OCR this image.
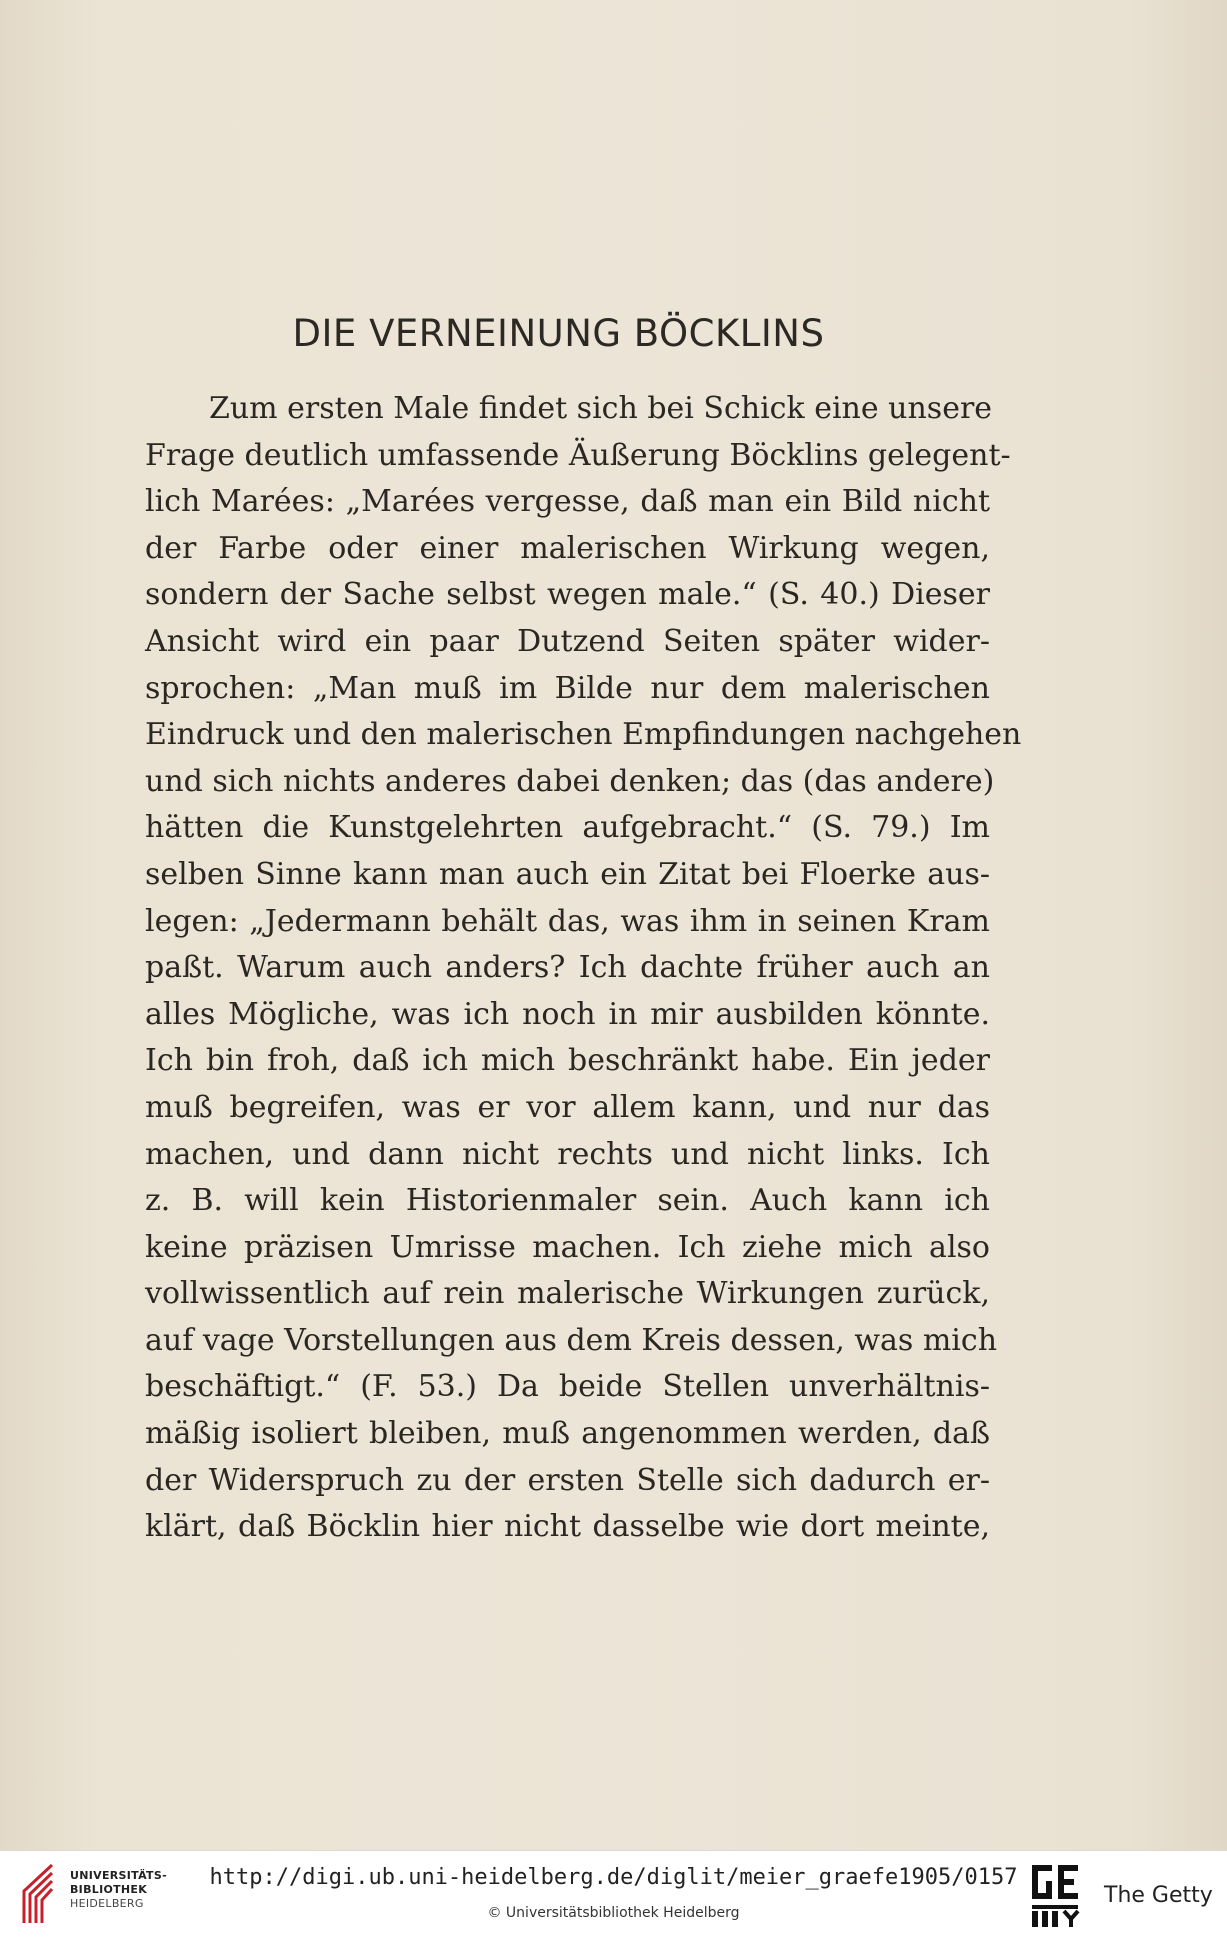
DIE VERNEINUNG BÖCKLINS
Zum ersten Male findet sich bei Schick eine unsere
Frage deutlich umfassende Äußerung Böcklins gelegent-
lich Marées: „Marées vergesse, daß man ein Bild nicht
der Farbe oder einer malerischen Wirkung wegen,
sondern der Sache selbst wegen male.“ (S. 40.) Dieser
Ansicht wird ein paar Dutzend Seiten später wider-
sprochen: „Man muß im Bilde nur dem malerischen
Eindruck und den malerischen Empfindungen nachgehen
und sich nichts anderes dabei denken; das (das andere)
hätten die Kunstgelehrten aufgebracht.“ (S. 79.) Im
selben Sinne kann man auch ein Zitat bei Floerke aus-
legen: „Jedermann behält das, was ihm in seinen Kram
paßt. Warum auch anders? Ich dachte früher auch an
alles Mögliche, was ich noch in mir ausbilden könnte.
Ich bin froh, daß ich mich beschränkt habe. Ein jeder
muß begreifen, was er vor allem kann, und nur das
machen, und dann nicht rechts und nicht links. Ich
z. B. will kein Historienmaler sein. Auch kann ich
keine präzisen Umrisse machen. Ich ziehe mich also
vollwissentlich auf rein malerische Wirkungen zurück,
auf vage Vorstellungen aus dem Kreis dessen, was mich
beschäftigt.“ (F. 53.) Da beide Stellen unverhältnis-
mäßig isoliert bleiben, muß angenommen werden, daß
der Widerspruch zu der ersten Stelle sich dadurch er-
klärt, daß Böcklin hier nicht dasselbe wie dort meinte,
UNIVERSITÄTS-
BIBLIOTHEK
HEIDELBERG
http://digi.ub.uni-heidelberg.de/diglit/meier_graefe1905/0157
© Universitätsbibliothek Heidelberg
The Getty
